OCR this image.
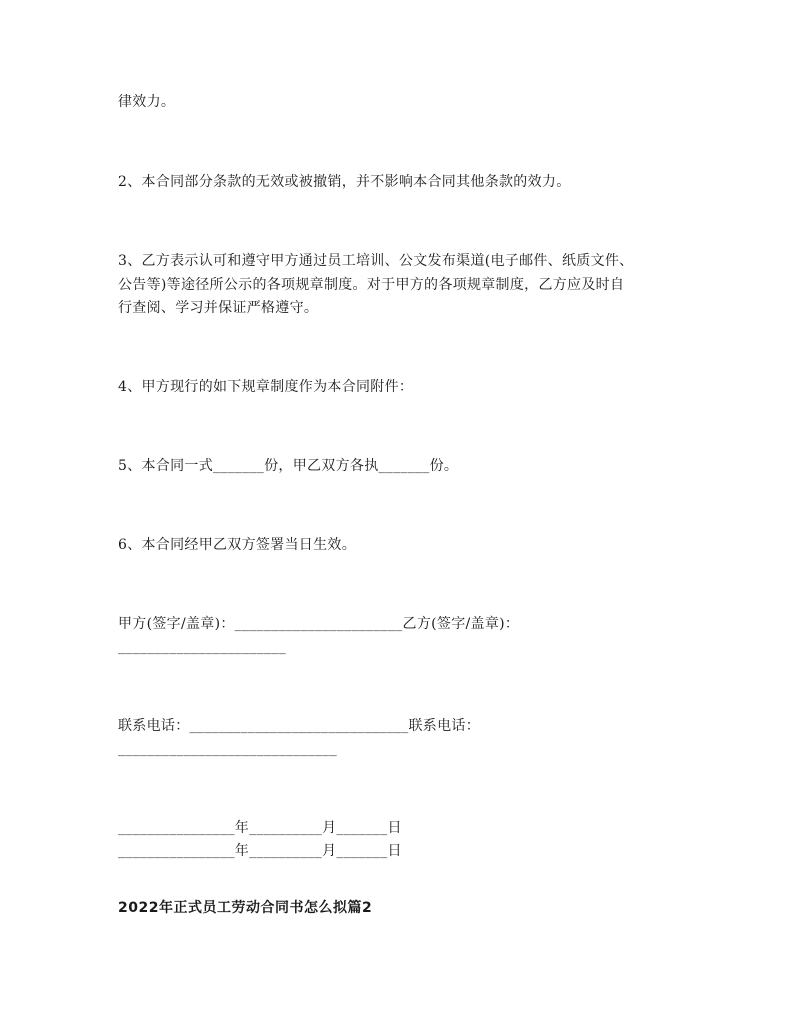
律效力。
2、本合同部分条款的无效或被撤销，并不影响本合同其他条款的效力。
3、乙方表示认可和遵守甲方通过员工培训、公文发布渠道(电子邮件、纸质文件、
公告等)等途径所公示的各项规章制度。对于甲方的各项规章制度，乙方应及时自
行查阅、学习并保证严格遵守。
4、甲方现行的如下规章制度作为本合同附件：
5、本合同一式_______份，甲乙双方各执_______份。
6、本合同经甲乙双方签署当日生效。
甲方(签字/盖章)：_______________________乙方(签字/盖章)：
_______________________
联系电话：______________________________联系电话：
______________________________
________________年__________月_______日
________________年__________月_______日
2022年正式员工劳动合同书怎么拟篇2
